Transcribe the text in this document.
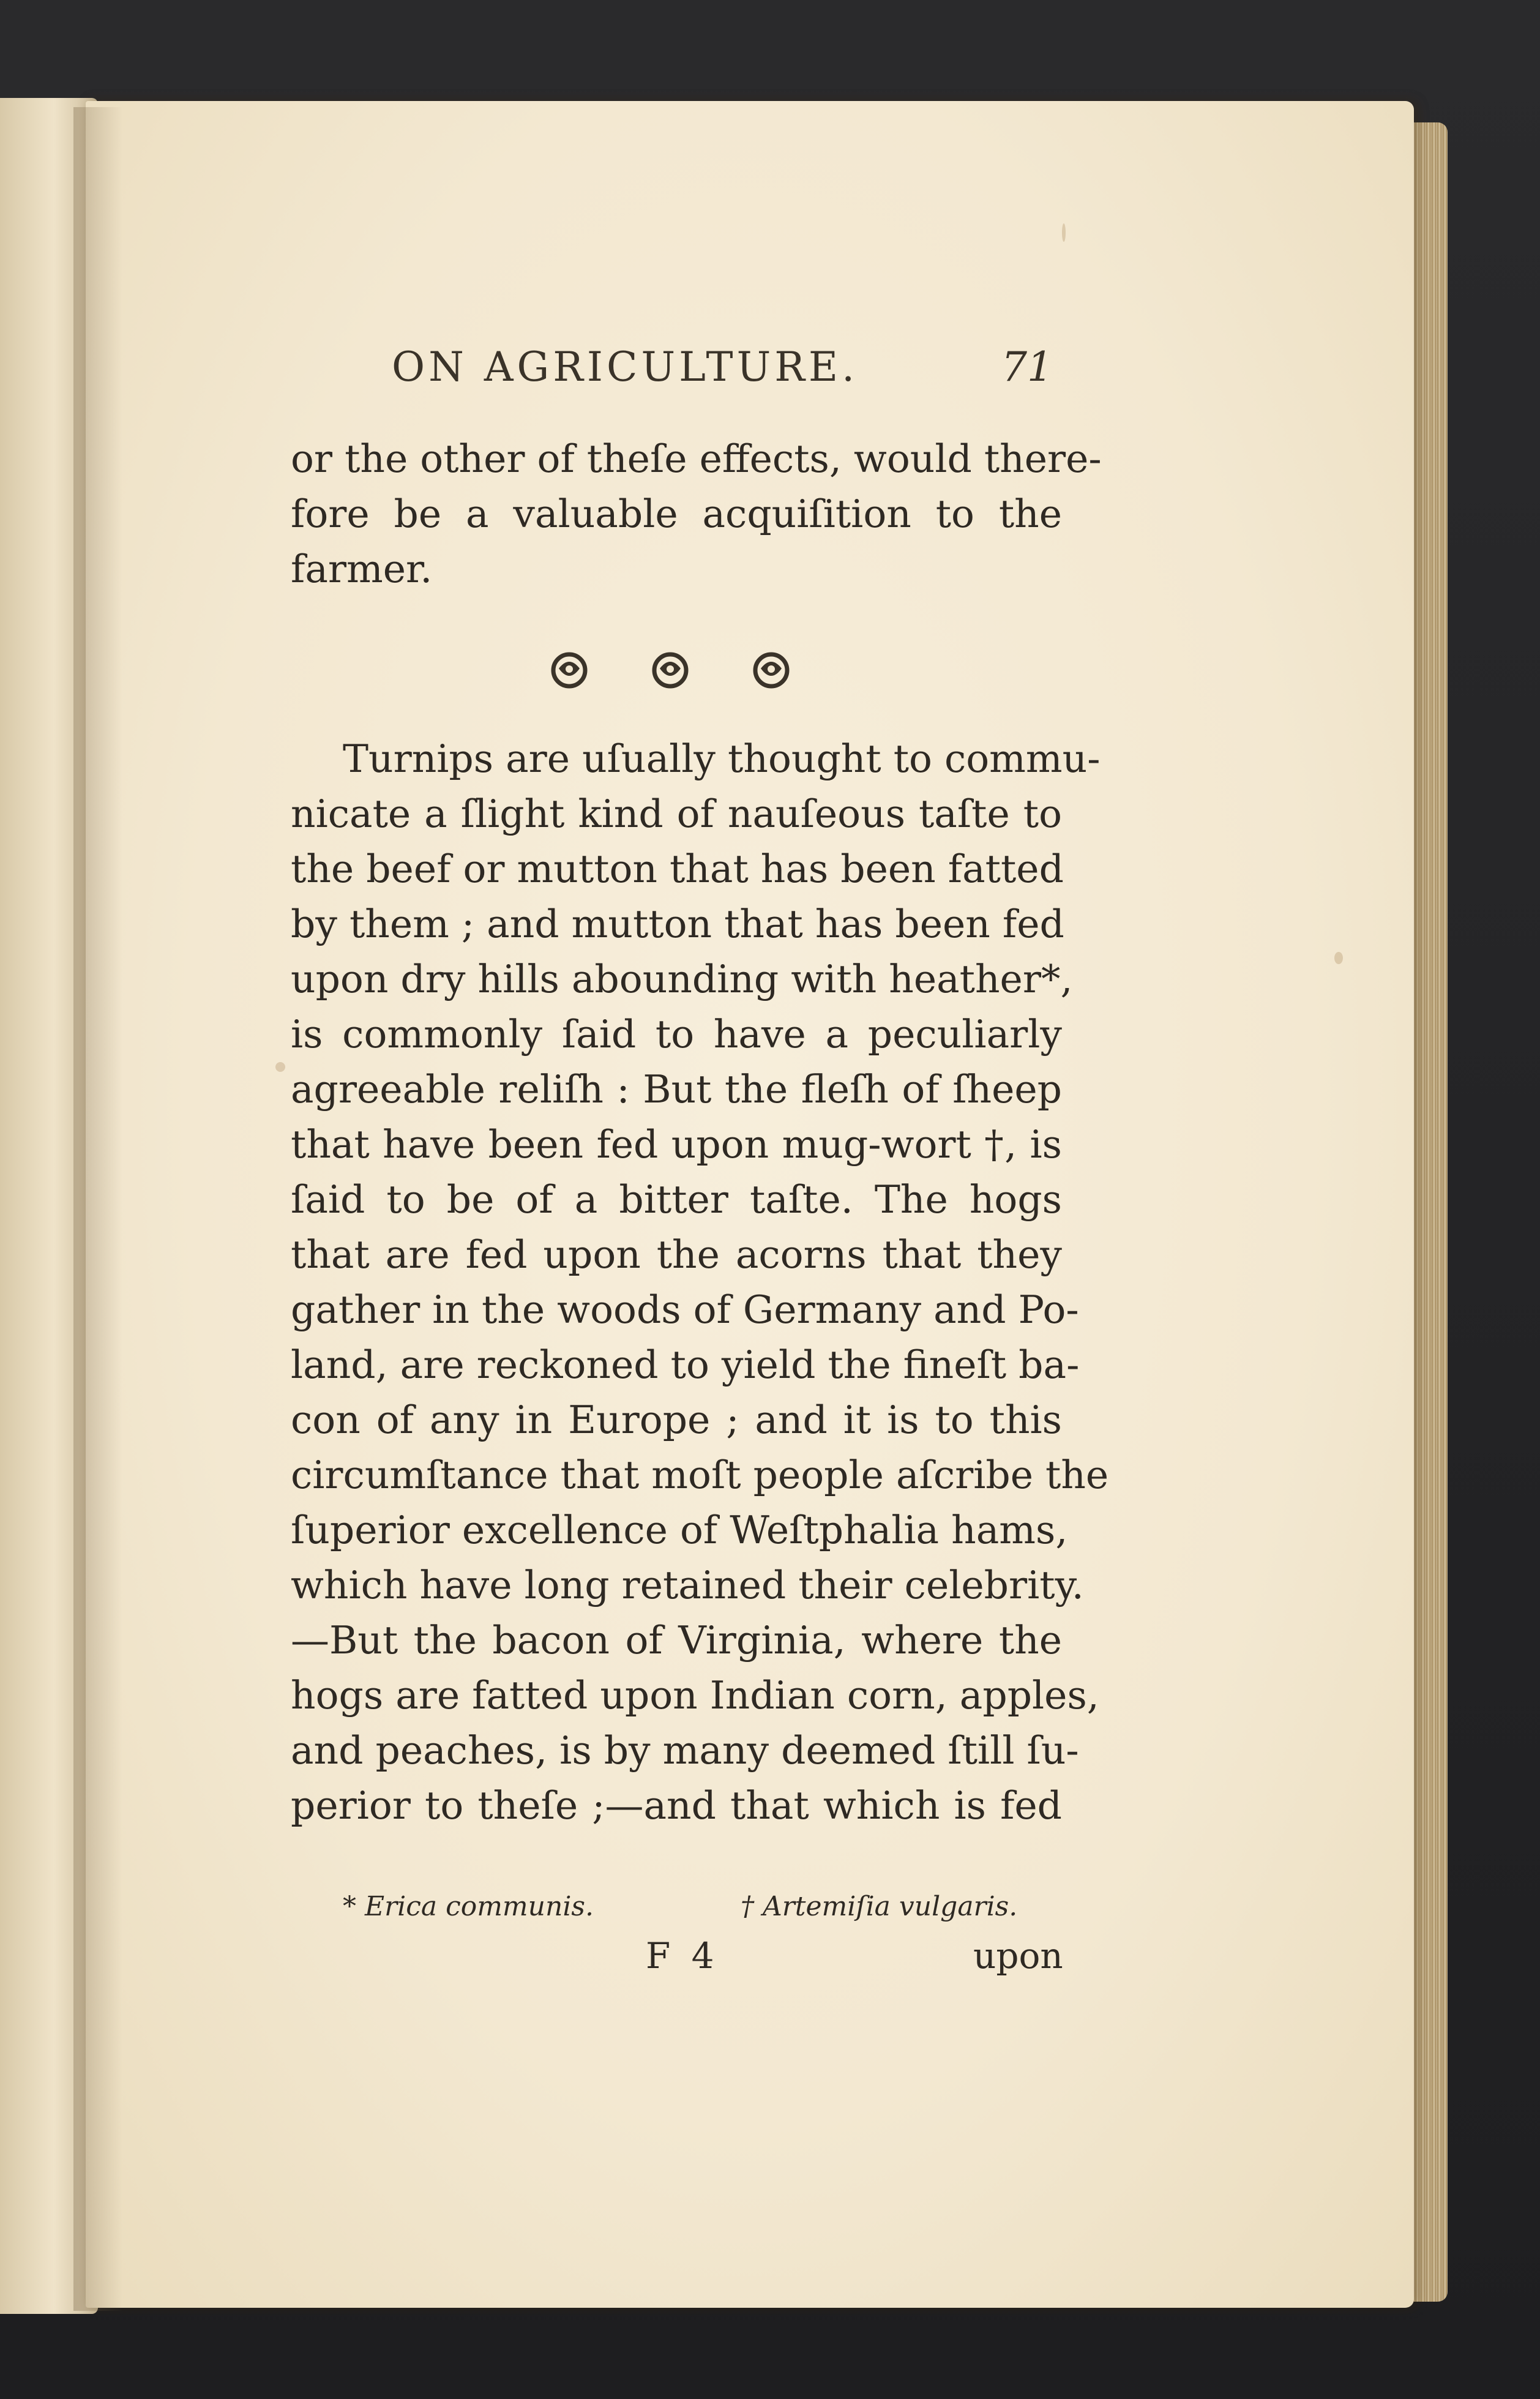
ON AGRICULTURE.	71
or the other of theſe effects, would there-
fore be a valuable acquiſition to the
farmer.
Turnips are uſually thought to commu-
nicate a ſlight kind of nauſeous taſte to
the beef or mutton that has been fatted
by them ; and mutton that has been fed
upon dry hills abounding with heather*,
is commonly ſaid to have a peculiarly
agreeable reliſh : But the fleſh of ſheep
that have been fed upon mug-wort †, is
ſaid to be of a bitter taſte. The hogs
that are fed upon the acorns that they
gather in the woods of Germany and Po-
land, are reckoned to yield the fineſt ba-
con of any in Europe ; and it is to this
circumſtance that moſt people aſcribe the
ſuperior excellence of Weſtphalia hams,
which have long retained their celebrity.
—But the bacon of Virginia, where the
hogs are fatted upon Indian corn, apples,
and peaches, is by many deemed ſtill ſu-
perior to theſe ;—and that which is fed
* Erica communis.	† Artemiſia vulgaris.
F 4	upon
